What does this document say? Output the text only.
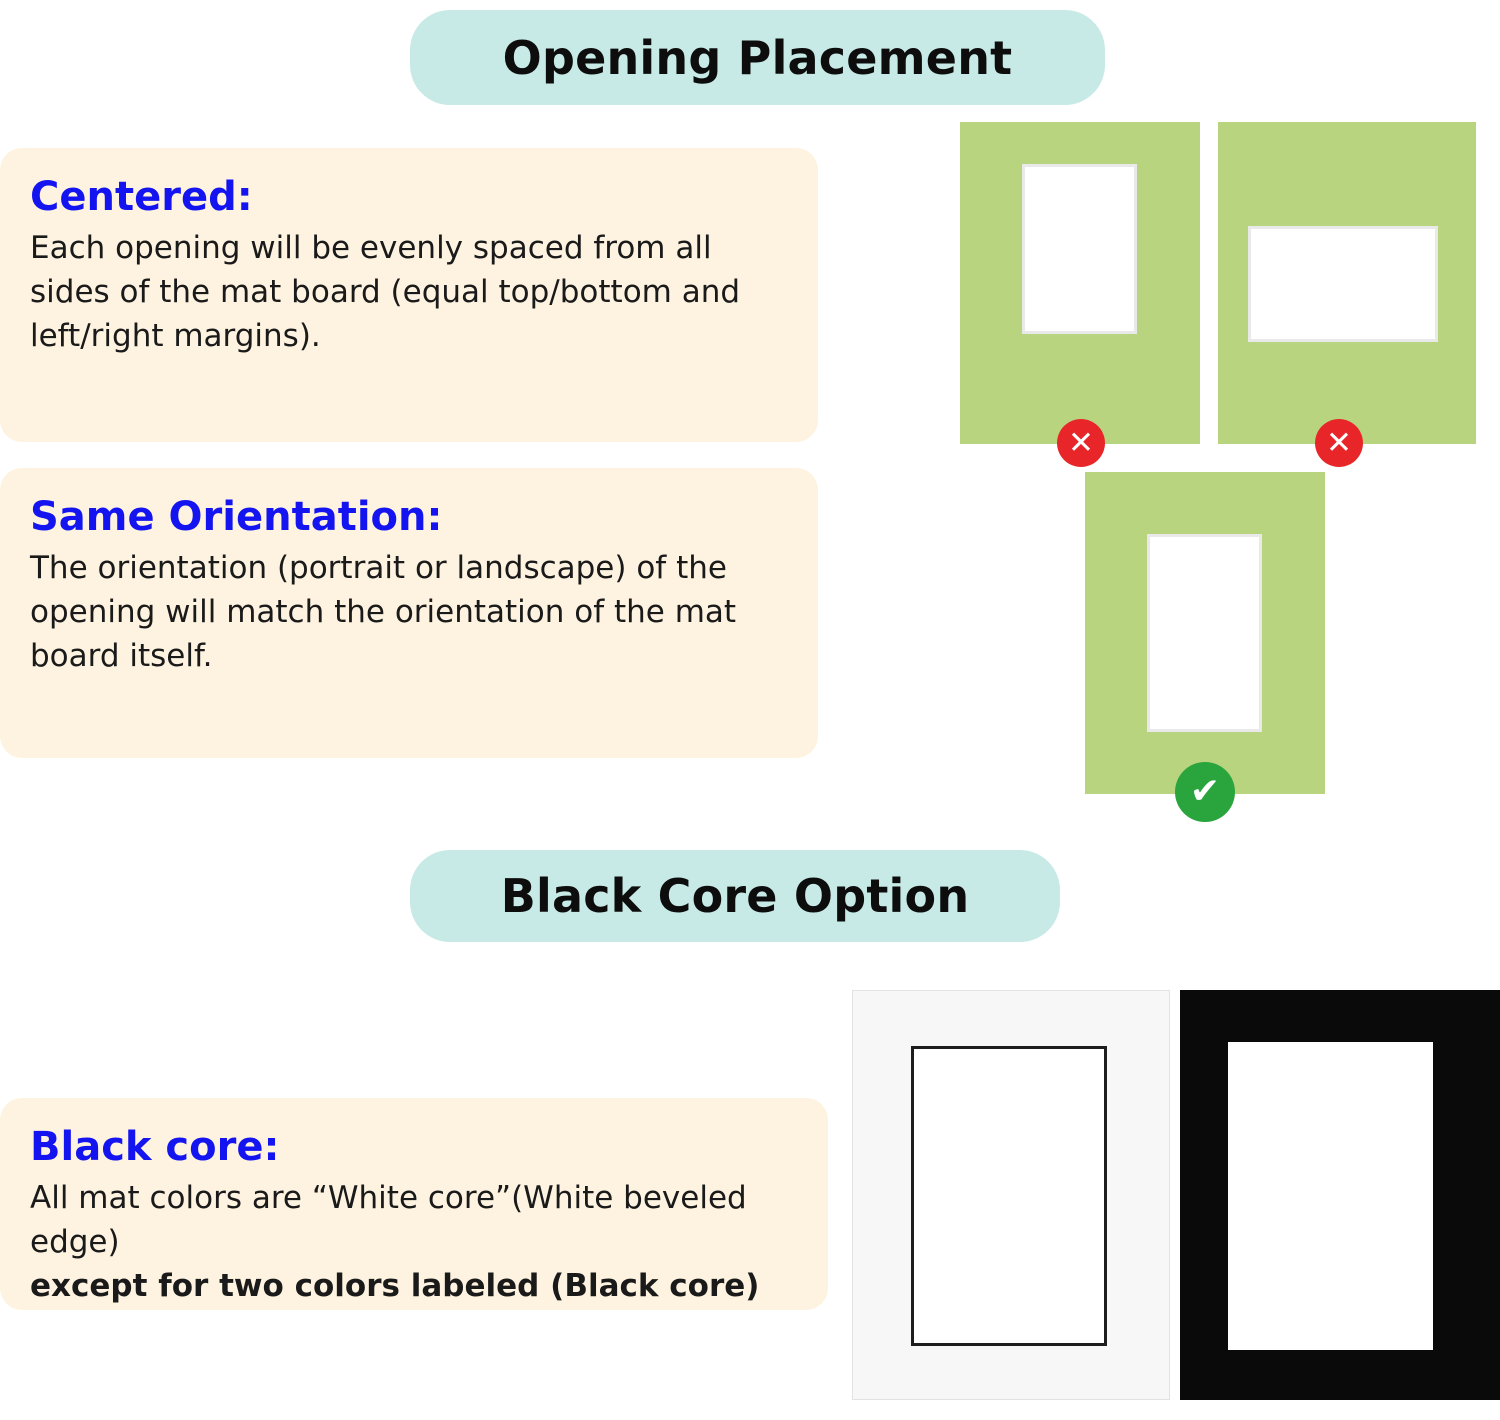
Opening Placement

Centered:

Each opening will be evenly spaced from all sides of the mat board (equal top/bottom and left/right margins).

Same Orientation:

The orientation (portrait or landscape) of the opening will match the orientation of the mat board itself.

✕	✕
✔
Black Core Option

Black core:

All mat colors are “White core”(White beveled edge)
except for two colors labeled (Black core)
